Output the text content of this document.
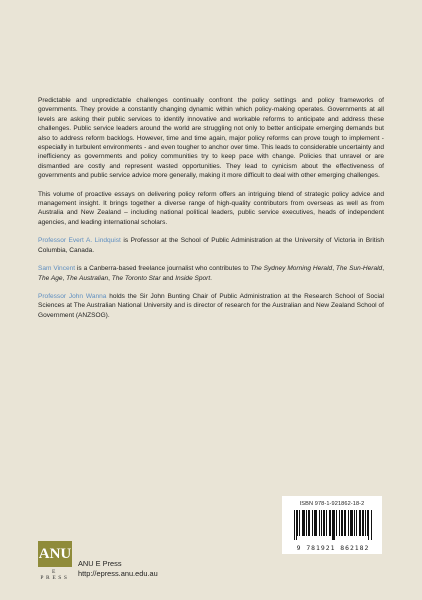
Predictable and unpredictable challenges continually confront the policy settings and policy frameworks of governments. They provide a constantly changing dynamic within which policy-making operates. Governments at all levels are asking their public services to identify innovative and workable reforms to anticipate and address these challenges. Public service leaders around the world are struggling not only to better anticipate emerging demands but also to address reform backlogs. However, time and time again, major policy reforms can prove tough to implement - especially in turbulent environments - and even tougher to anchor over time. This leads to considerable uncertainty and inefficiency as governments and policy communities try to keep pace with change. Policies that unravel or are dismantled are costly and represent wasted opportunities. They lead to cynicism about the effectiveness of governments and public service advice more generally, making it more difficult to deal with other emerging challenges.

This volume of proactive essays on delivering policy reform offers an intriguing blend of strategic policy advice and management insight. It brings together a diverse range of high-quality contributors from overseas as well as from Australia and New Zealand – including national political leaders, public service executives, heads of independent agencies, and leading international scholars.

Professor Evert A. Lindquist is Professor at the School of Public Administration at the University of Victoria in British Columbia, Canada.

Sam Vincent is a Canberra-based freelance journalist who contributes to The Sydney Morning Herald, The Sun-Herald, The Age, The Australian, The Toronto Star and Inside Sport.

Professor John Wanna holds the Sir John Bunting Chair of Public Administration at the Research School of Social Sciences at The Australian National University and is director of research for the Australian and New Zealand School of Government (ANZSOG).

ISBN 978-1-921862-18-2
9 781921 862182
ANU
E PRESS
ANU E Press
http://epress.anu.edu.au
